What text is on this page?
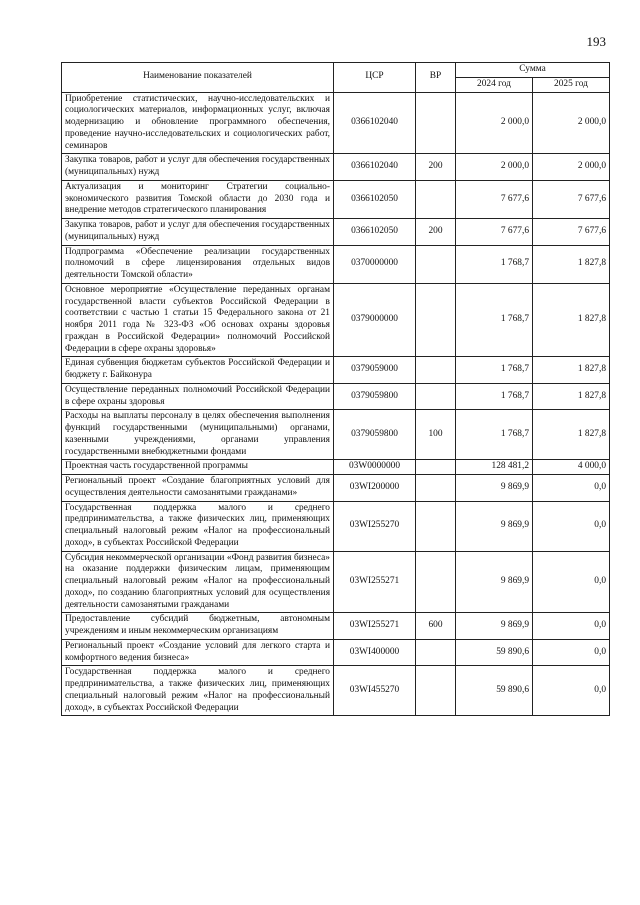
193
Наименование показателей	ЦСР	ВР	Сумма	
			2024 год	2025 год
Приобретение статистических, научно-исследовательских и социологических материалов, информационных услуг, включая модернизацию и обновление программного обеспечения, проведение научно-исследовательских и социологических работ, семинаров	0366102040		2 000,0	2 000,0
Закупка товаров, работ и услуг для обеспечения государственных (муниципальных) нужд	0366102040	200	2 000,0	2 000,0
Актуализация и мониторинг Стратегии социально-экономического развития Томской области до 2030 года и внедрение методов стратегического планирования	0366102050		7 677,6	7 677,6
Закупка товаров, работ и услуг для обеспечения государственных (муниципальных) нужд	0366102050	200	7 677,6	7 677,6
Подпрограмма «Обеспечение реализации государственных полномочий в сфере лицензирования отдельных видов деятельности Томской области»	0370000000		1 768,7	1 827,8
Основное мероприятие «Осуществление переданных органам государственной власти субъектов Российской Федерации в соответствии с частью 1 статьи 15 Федерального закона от 21 ноября 2011 года № 323-ФЗ «Об основах охраны здоровья граждан в Российской Федерации» полномочий Российской Федерации в сфере охраны здоровья»	0379000000		1 768,7	1 827,8
Единая субвенция бюджетам субъектов Российской Федерации и бюджету г. Байконура	0379059000		1 768,7	1 827,8
Осуществление переданных полномочий Российской Федерации в сфере охраны здоровья	0379059800		1 768,7	1 827,8
Расходы на выплаты персоналу в целях обеспечения выполнения функций государственными (муниципальными) органами, казенными учреждениями, органами управления государственными внебюджетными фондами	0379059800	100	1 768,7	1 827,8
Проектная часть государственной программы	03W0000000		128 481,2	4 000,0
Региональный проект «Создание благоприятных условий для осуществления деятельности самозанятыми гражданами»	03WI200000		9 869,9	0,0
Государственная поддержка малого и среднего предпринимательства, а также физических лиц, применяющих специальный налоговый режим «Налог на профессиональный доход», в субъектах Российской Федерации	03WI255270		9 869,9	0,0
Субсидия некоммерческой организации «Фонд развития бизнеса» на оказание поддержки физическим лицам, применяющим специальный налоговый режим «Налог на профессиональный доход», по созданию благоприятных условий для осуществления деятельности самозанятыми гражданами	03WI255271		9 869,9	0,0
Предоставление субсидий бюджетным, автономным учреждениям и иным некоммерческим организациям	03WI255271	600	9 869,9	0,0
Региональный проект «Создание условий для легкого старта и комфортного ведения бизнеса»	03WI400000		59 890,6	0,0
Государственная поддержка малого и среднего предпринимательства, а также физических лиц, применяющих специальный налоговый режим «Налог на профессиональный доход», в субъектах Российской Федерации	03WI455270		59 890,6	0,0
